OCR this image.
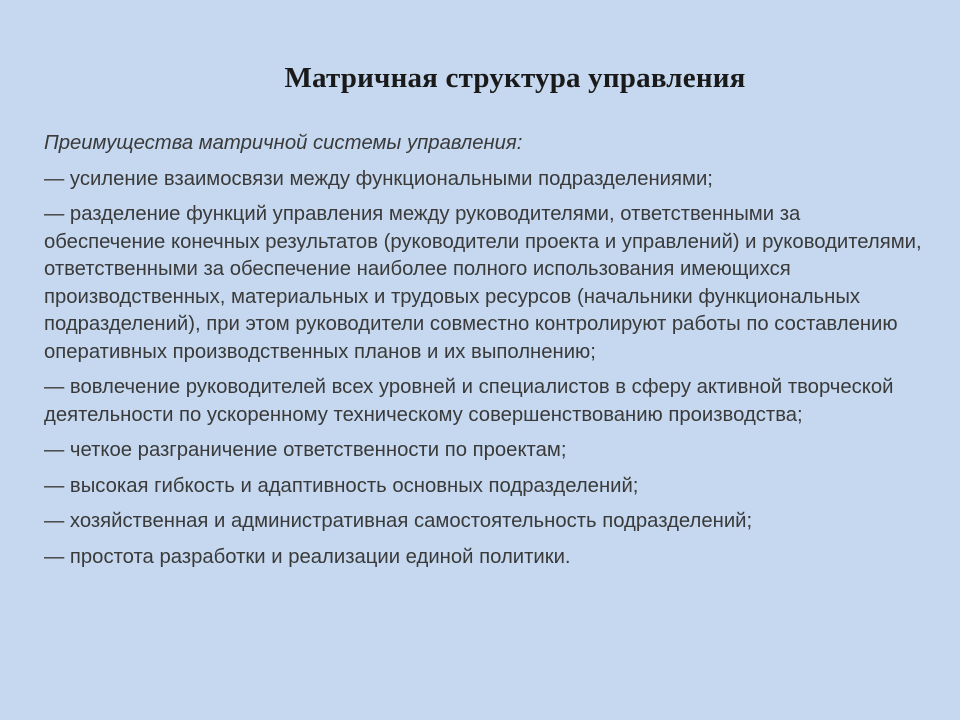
Матричная структура управления
Преимущества матричной системы управления:
— усиление взаимосвязи между функциональными подразделениями;
— разделение функций управления между руководителями, ответственными за обеспечение конечных результатов (руководители проекта и управлений) и руководителями, ответственными за обеспечение наиболее полного использования имеющихся производственных, материальных и трудовых ресурсов (начальники функциональных подразделений), при этом руководители совместно контролируют работы по составлению оперативных производственных планов и их выполнению;
— вовлечение руководителей всех уровней и специалистов в сферу активной творческой деятельности по ускоренному техническому совершенствованию производства;
— четкое разграничение ответственности по проектам;
— высокая гибкость и адаптивность основных подразделений;
— хозяйственная и административная самостоятельность подразделений;
— простота разработки и реализации единой политики.
